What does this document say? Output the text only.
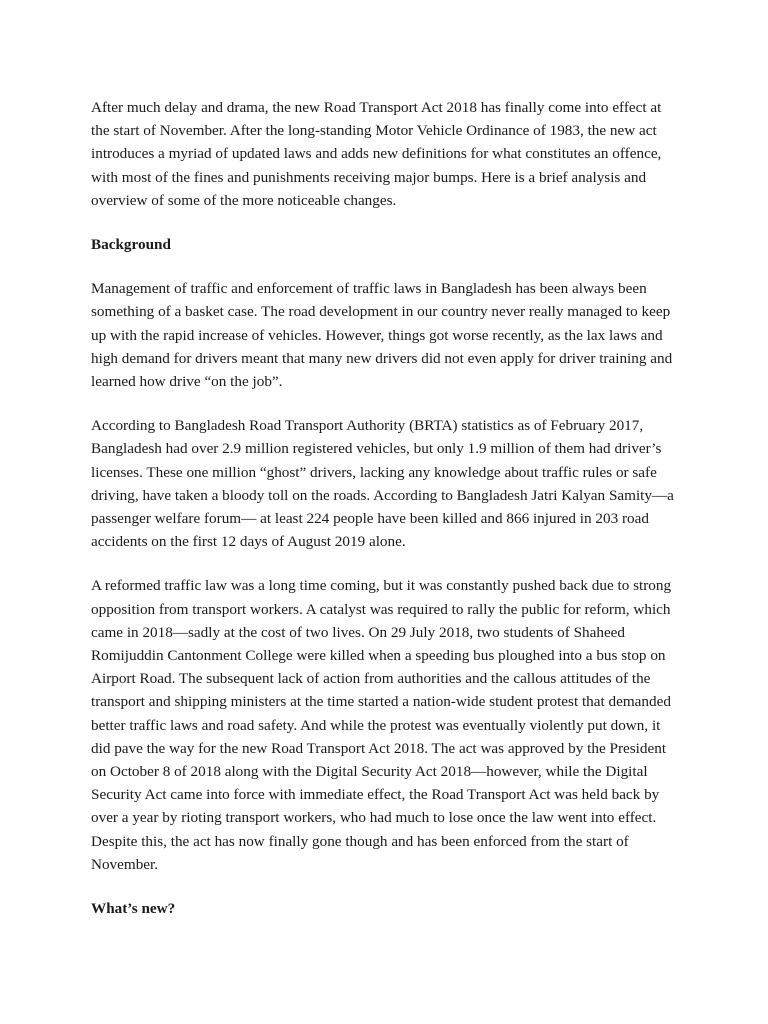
After much delay and drama, the new Road Transport Act 2018 has finally come into effect at the start of November. After the long-standing Motor Vehicle Ordinance of 1983, the new act introduces a myriad of updated laws and adds new definitions for what constitutes an offence, with most of the fines and punishments receiving major bumps. Here is a brief analysis and overview of some of the more noticeable changes.

Background

Management of traffic and enforcement of traffic laws in Bangladesh has been always been something of a basket case. The road development in our country never really managed to keep up with the rapid increase of vehicles. However, things got worse recently, as the lax laws and high demand for drivers meant that many new drivers did not even apply for driver training and learned how drive “on the job”.

According to Bangladesh Road Transport Authority (BRTA) statistics as of February 2017, Bangladesh had over 2.9 million registered vehicles, but only 1.9 million of them had driver’s licenses. These one million “ghost” drivers, lacking any knowledge about traffic rules or safe driving, have taken a bloody toll on the roads. According to Bangladesh Jatri Kalyan Samity—a passenger welfare forum— at least 224 people have been killed and 866 injured in 203 road accidents on the first 12 days of August 2019 alone.

A reformed traffic law was a long time coming, but it was constantly pushed back due to strong opposition from transport workers. A catalyst was required to rally the public for reform, which came in 2018—sadly at the cost of two lives. On 29 July 2018, two students of Shaheed Romijuddin Cantonment College were killed when a speeding bus ploughed into a bus stop on Airport Road. The subsequent lack of action from authorities and the callous attitudes of the transport and shipping ministers at the time started a nation-wide student protest that demanded better traffic laws and road safety. And while the protest was eventually violently put down, it did pave the way for the new Road Transport Act 2018. The act was approved by the President on October 8 of 2018 along with the Digital Security Act 2018—however, while the Digital Security Act came into force with immediate effect, the Road Transport Act was held back by over a year by rioting transport workers, who had much to lose once the law went into effect. Despite this, the act has now finally gone though and has been enforced from the start of November.

What’s new?
